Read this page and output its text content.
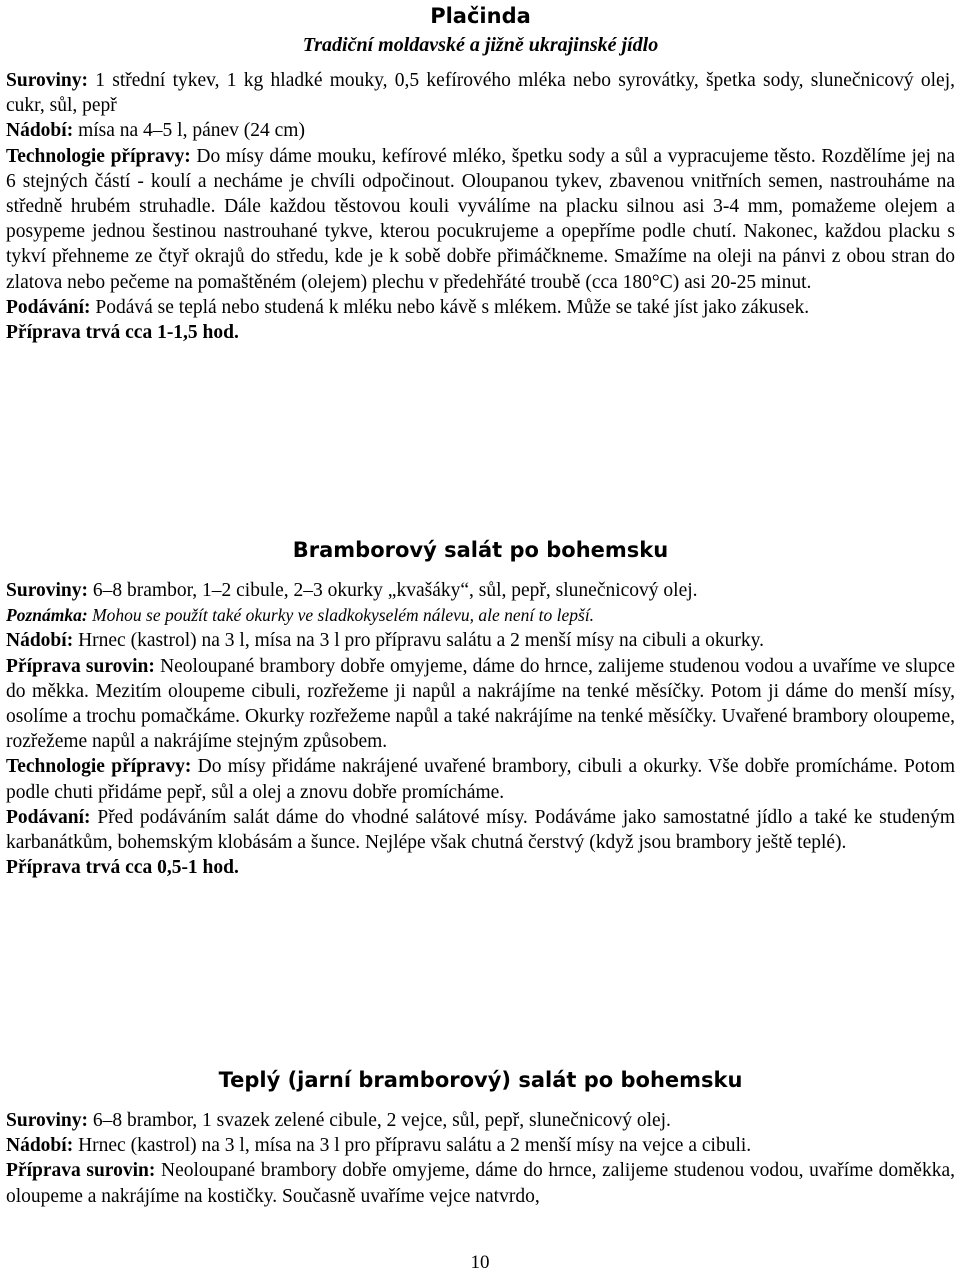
Plačinda
Tradiční moldavské a jižně ukrajinské jídlo

Suroviny: 1 střední tykev, 1 kg hladké mouky, 0,5 kefírového mléka nebo syrovátky, špetka sody, slunečnicový olej, cukr, sůl, pepř

Nádobí: mísa na 4–5 l, pánev (24 cm)

Technologie přípravy: Do mísy dáme mouku, kefírové mléko, špetku sody a sůl a vypracujeme těsto. Rozdělíme jej na 6 stejných částí - koulí a necháme je chvíli odpočinout. Oloupanou tykev, zbavenou vnitřních semen, nastrouháme na středně hrubém struhadle. Dále každou těstovou kouli vyválíme na placku silnou asi 3-4 mm, pomažeme olejem a posypeme jednou šestinou nastrouhané tykve, kterou pocukrujeme a opepříme podle chutí. Nakonec, každou placku s tykví přehneme ze čtyř okrajů do středu, kde je k sobě dobře přimáčkneme. Smažíme na oleji na pánvi z obou stran do zlatova nebo pečeme na pomaštěném (olejem) plechu v předehřáté troubě (cca 180°C) asi 20-25 minut.

Podávání: Podává se teplá nebo studená k mléku nebo kávě s mlékem. Může se také jíst jako zákusek.

Příprava trvá cca 1-1,5 hod.

Bramborový salát po bohemsku

Suroviny: 6–8 brambor, 1–2 cibule, 2–3 okurky „kvašáky“, sůl, pepř, slunečnicový olej.

Poznámka: Mohou se použít také okurky ve sladkokyselém nálevu, ale není to lepší.

Nádobí: Hrnec (kastrol) na 3 l, mísa na 3 l pro přípravu salátu a 2 menší mísy na cibuli a okurky.

Příprava surovin: Neoloupané brambory dobře omyjeme, dáme do hrnce, zalijeme studenou vodou a uvaříme ve slupce do měkka. Mezitím oloupeme cibuli, rozřežeme ji napůl a nakrájíme na tenké měsíčky. Potom ji dáme do menší mísy, osolíme a trochu pomačkáme. Okurky rozřežeme napůl a také nakrájíme na tenké měsíčky. Uvařené brambory oloupeme, rozřežeme napůl a nakrájíme stejným způsobem.

Technologie přípravy: Do mísy přidáme nakrájené uvařené brambory, cibuli a okurky. Vše dobře promícháme. Potom podle chuti přidáme pepř, sůl a olej a znovu dobře promícháme.

Podávaní: Před podáváním salát dáme do vhodné salátové mísy. Podáváme jako samostatné jídlo a také ke studeným karbanátkům, bohemským klobásám a šunce. Nejlépe však chutná čerstvý (když jsou brambory ještě teplé).

Příprava trvá cca 0,5-1 hod.

Teplý (jarní bramborový) salát po bohemsku

Suroviny: 6–8 brambor, 1 svazek zelené cibule, 2 vejce, sůl, pepř, slunečnicový olej.

Nádobí: Hrnec (kastrol) na 3 l, mísa na 3 l pro přípravu salátu a 2 menší mísy na vejce a cibuli.

Příprava surovin: Neoloupané brambory dobře omyjeme, dáme do hrnce, zalijeme studenou vodou, uvaříme doměkka, oloupeme a nakrájíme na kostičky. Současně uvaříme vejce natvrdo,

10
